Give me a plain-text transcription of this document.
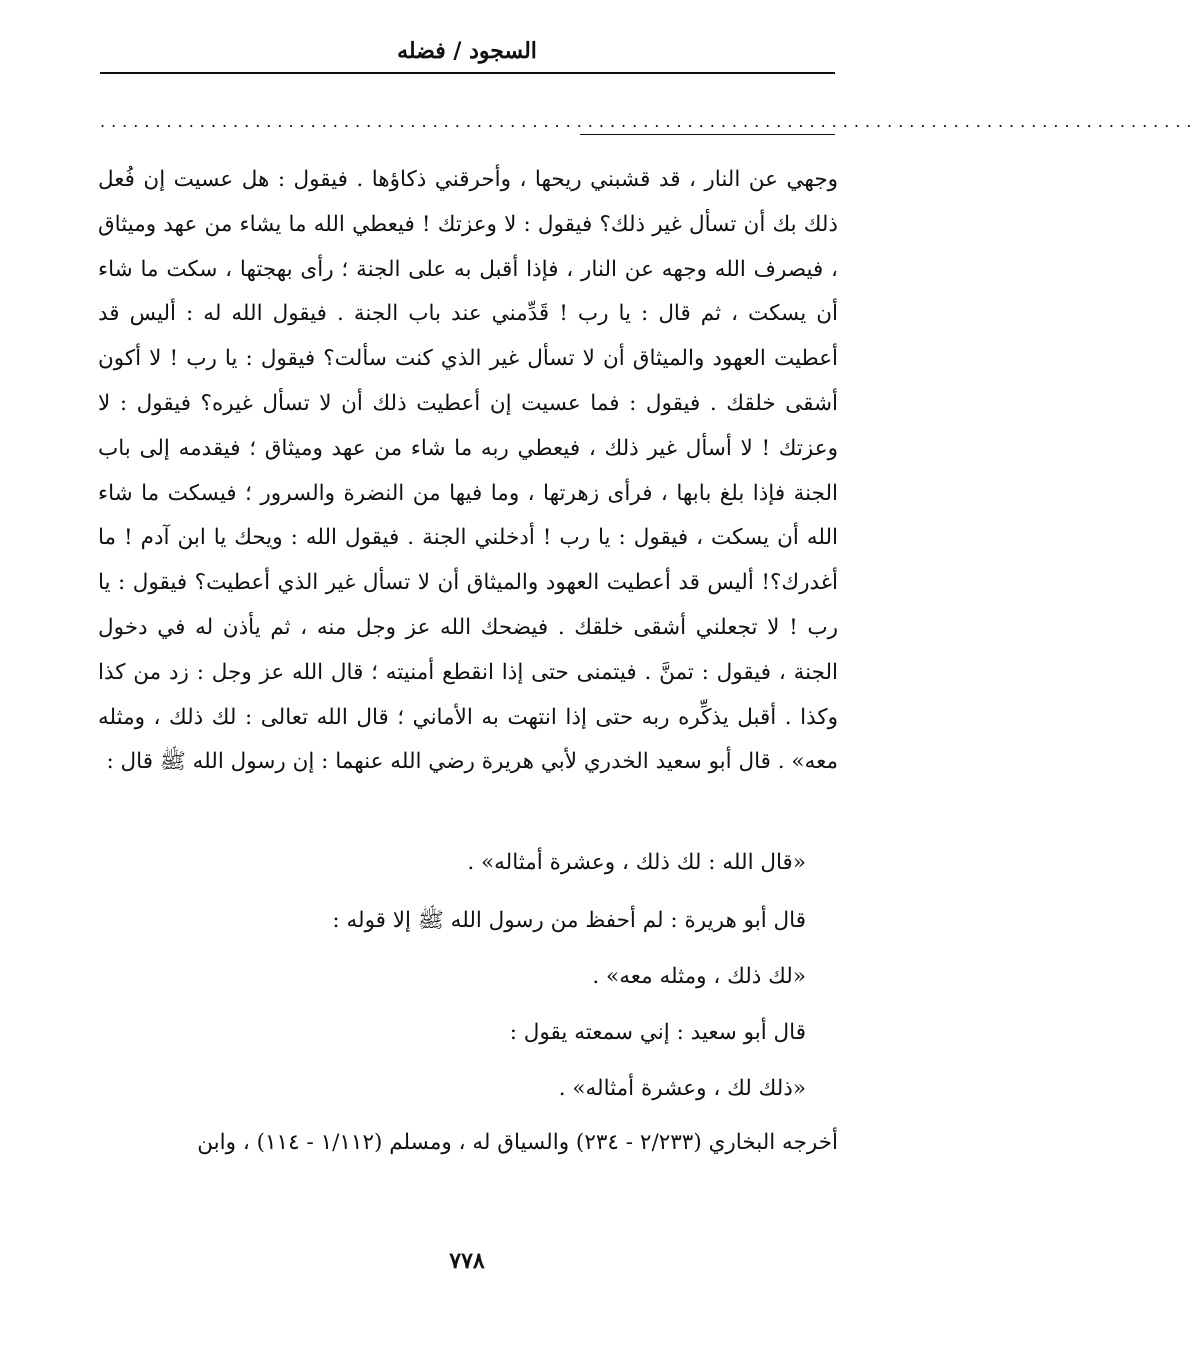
السجود / فضله
...................................................................................................

وجهي عن النار ، قد قشبني ريحها ، وأحرقني ذكاؤها . فيقول : هل عسيت إن فُعل ذلك بك أن تسأل غير ذلك؟ فيقول : لا وعزتك ! فيعطي الله ما يشاء من عهد وميثاق ، فيصرف الله وجهه عن النار ، فإذا أقبل به على الجنة ؛ رأى بهجتها ، سكت ما شاء أن يسكت ، ثم قال : يا رب ! قَدِّمني عند باب الجنة . فيقول الله له : أليس قد أعطيت العهود والميثاق أن لا تسأل غير الذي كنت سألت؟ فيقول : يا رب ! لا أكون أشقى خلقك . فيقول : فما عسيت إن أعطيت ذلك أن لا تسأل غيره؟ فيقول : لا وعزتك ! لا أسأل غير ذلك ، فيعطي ربه ما شاء من عهد وميثاق ؛ فيقدمه إلى باب الجنة فإذا بلغ بابها ، فرأى زهرتها ، وما فيها من النضرة والسرور ؛ فيسكت ما شاء الله أن يسكت ، فيقول : يا رب ! أدخلني الجنة . فيقول الله : ويحك يا ابن آدم ! ما أغدرك؟! أليس قد أعطيت العهود والميثاق أن لا تسأل غير الذي أعطيت؟ فيقول : يا رب ! لا تجعلني أشقى خلقك . فيضحك الله عز وجل منه ، ثم يأذن له في دخول الجنة ، فيقول : تمنَّ . فيتمنى حتى إذا انقطع أمنيته ؛ قال الله عز وجل : زد من كذا وكذا . أقبل يذكِّره ربه حتى إذا انتهت به الأماني ؛ قال الله تعالى : لك ذلك ، ومثله معه» . قال أبو سعيد الخدري لأبي هريرة رضي الله عنهما : إن رسول الله ﷺ قال :

«قال الله : لك ذلك ، وعشرة أمثاله» .
قال أبو هريرة : لم أحفظ من رسول الله ﷺ إلا قوله :
«لك ذلك ، ومثله معه» .
قال أبو سعيد : إني سمعته يقول :
«ذلك لك ، وعشرة أمثاله» .
أخرجه البخاري (٢/٢٣٣ - ٢٣٤) والسياق له ، ومسلم (١/١١٢ - ١١٤) ، وابن
٧٧٨
